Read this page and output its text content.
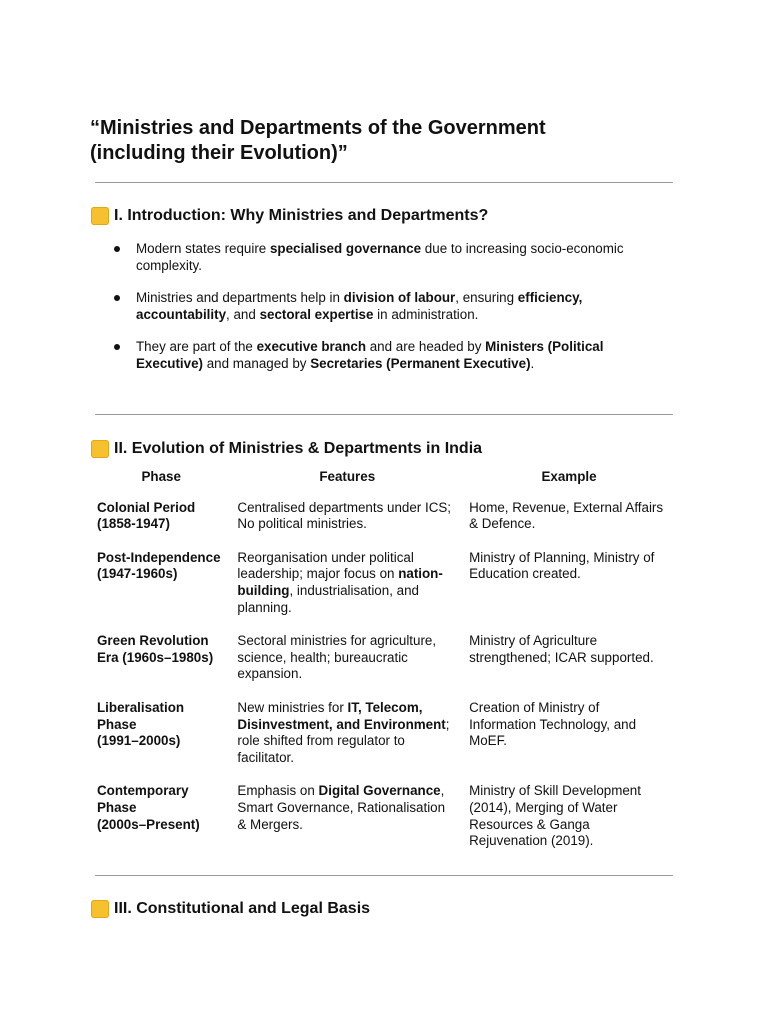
“Ministries and Departments of the Government
(including their Evolution)”
I. Introduction: Why Ministries and Departments?
Modern states require specialised governance due to increasing socio-economic complexity.
Ministries and departments help in division of labour, ensuring efficiency, accountability, and sectoral expertise in administration.
They are part of the executive branch and are headed by Ministers (Political Executive) and managed by Secretaries (Permanent Executive).
II. Evolution of Ministries & Departments in India
Phase	Features	Example

Colonial Period
(1858-1947)	Centralised departments under ICS; No political ministries.	Home, Revenue, External Affairs & Defence.

Post-Independence
(1947-1960s)	Reorganisation under political leadership; major focus on nation-building, industrialisation, and planning.	Ministry of Planning, Ministry of Education created.

Green Revolution
Era (1960s–1980s)	Sectoral ministries for agriculture, science, health; bureaucratic expansion.	Ministry of Agriculture strengthened; ICAR supported.

Liberalisation
Phase
(1991–2000s)	New ministries for IT, Telecom, Disinvestment, and Environment; role shifted from regulator to facilitator.	Creation of Ministry of Information Technology, and MoEF.

Contemporary
Phase
(2000s–Present)	Emphasis on Digital Governance, Smart Governance, Rationalisation & Mergers.	Ministry of Skill Development (2014), Merging of Water Resources & Ganga Rejuvenation (2019).
III. Constitutional and Legal Basis
